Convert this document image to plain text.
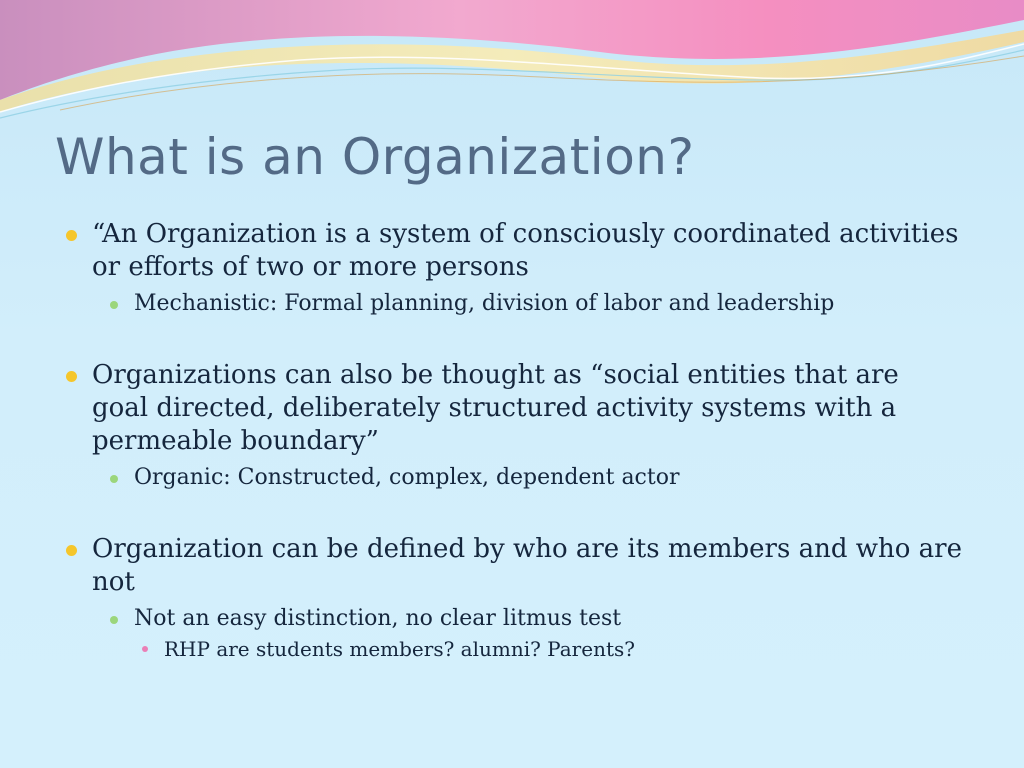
What is an Organization?
“An Organization is a system of consciously coordinated activities or efforts of two or more persons
Mechanistic: Formal planning, division of labor and leadership
Organizations can also be thought as “social entities that are goal directed, deliberately structured activity systems with a permeable boundary”
Organic: Constructed, complex, dependent actor
Organization can be defined by who are its members and who are not
Not an easy distinction, no clear litmus test
RHP are students members? alumni? Parents?
